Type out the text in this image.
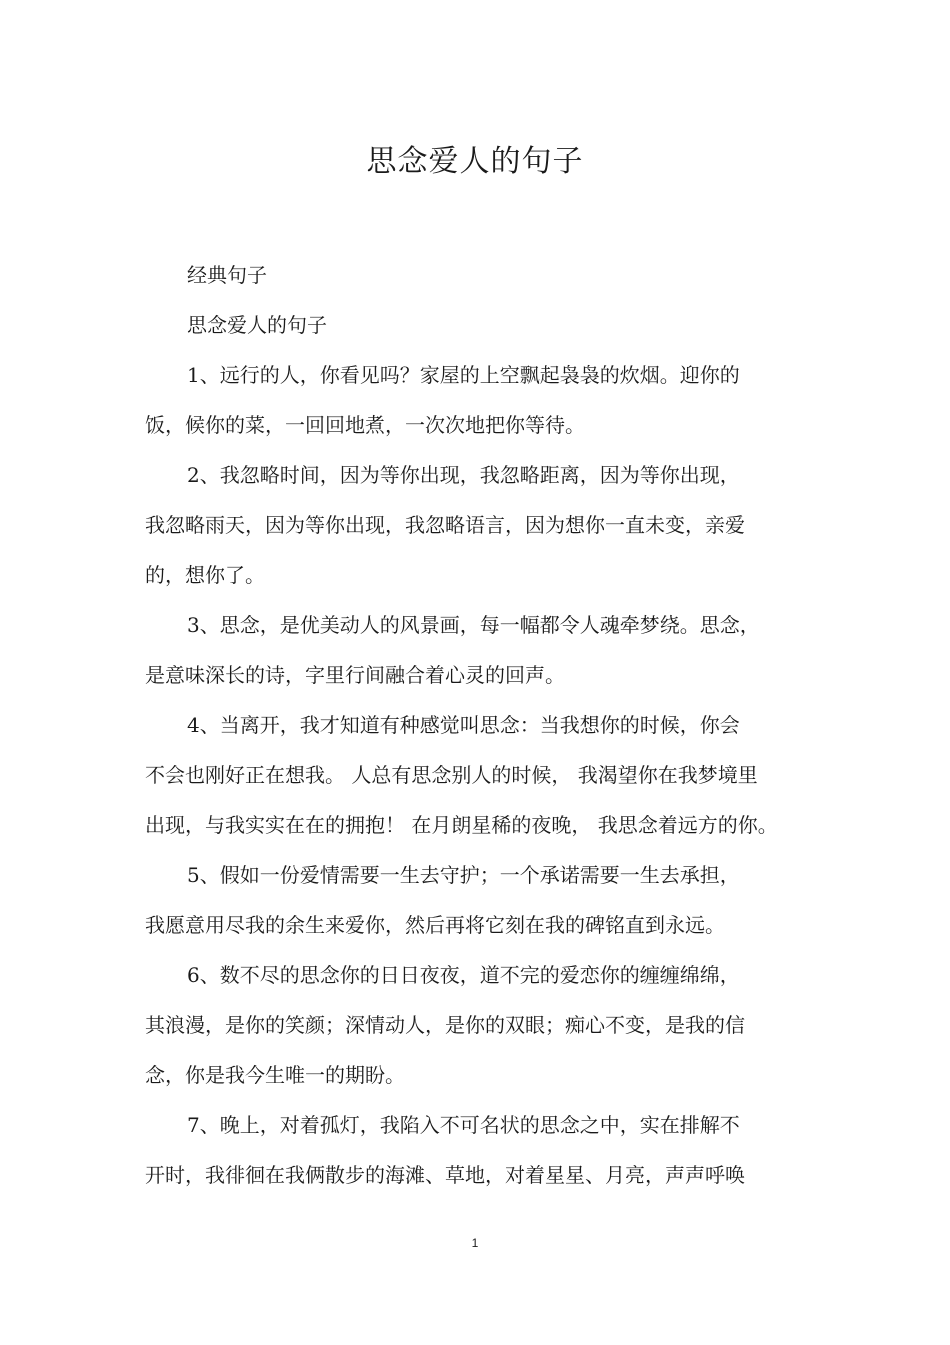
思念爱人的句子

经典句子

思念爱人的句子

1、远行的人，你看见吗？家屋的上空飘起袅袅的炊烟。迎你的
饭，候你的菜，一回回地煮，一次次地把你等待。

2、我忽略时间，因为等你出现，我忽略距离，因为等你出现，
我忽略雨天，因为等你出现，我忽略语言，因为想你一直未变，亲爱
的，想你了。

3、思念，是优美动人的风景画，每一幅都令人魂牵梦绕。思念，
是意味深长的诗，字里行间融合着心灵的回声。

4、当离开，我才知道有种感觉叫思念：当我想你的时候，你会
不会也刚好正在想我。 人总有思念别人的时候， 我渴望你在我梦境里
出现，与我实实在在的拥抱！ 在月朗星稀的夜晚， 我思念着远方的你。

5、假如一份爱情需要一生去守护；一个承诺需要一生去承担，
我愿意用尽我的余生来爱你，然后再将它刻在我的碑铭直到永远。

6、数不尽的思念你的日日夜夜，道不完的爱恋你的缠缠绵绵，
其浪漫，是你的笑颜；深情动人，是你的双眼；痴心不变，是我的信
念，你是我今生唯一的期盼。

7、晚上，对着孤灯，我陷入不可名状的思念之中，实在排解不
开时，我徘徊在我俩散步的海滩、草地，对着星星、月亮，声声呼唤

1
